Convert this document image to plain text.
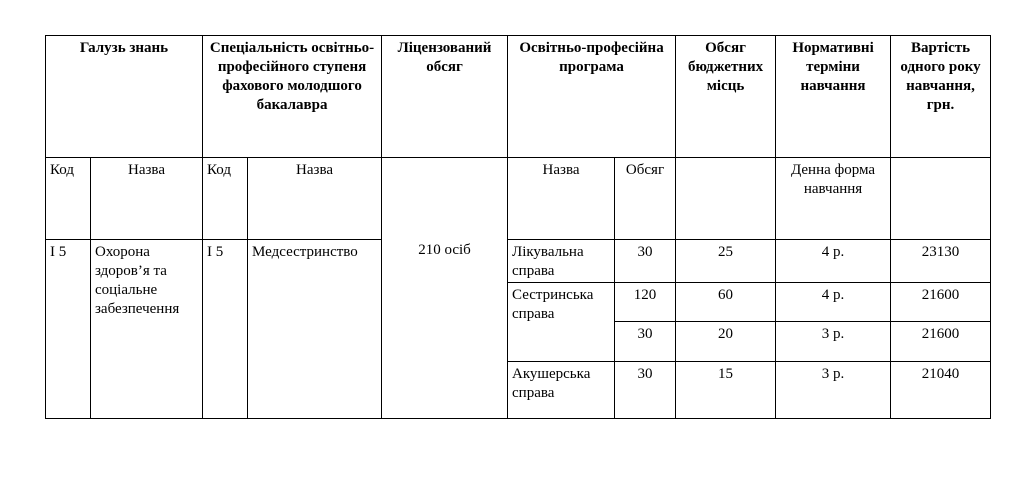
Галузь знань		Спеціальність освітньо-професійного ступеня фахового молодшого бакалавра		Ліцензований обсяг	Освітньо-професійна програма		Обсяг бюджетних місць	Нормативні терміни навчання	Вартість одного року навчання, грн.
Код	Назва	Код	Назва	210 осіб	Назва	Обсяг		Денна форма навчання	
I 5	Охорона здоров’я та соціальне забезпечення	I 5	Медсестринство		Лікувальна справа	30	25	4 р.	23130
					Сестринська справа	120	60	4 р.	21600
						30	20	3 р.	21600
					Акушерська справа	30	15	3 р.	21040
